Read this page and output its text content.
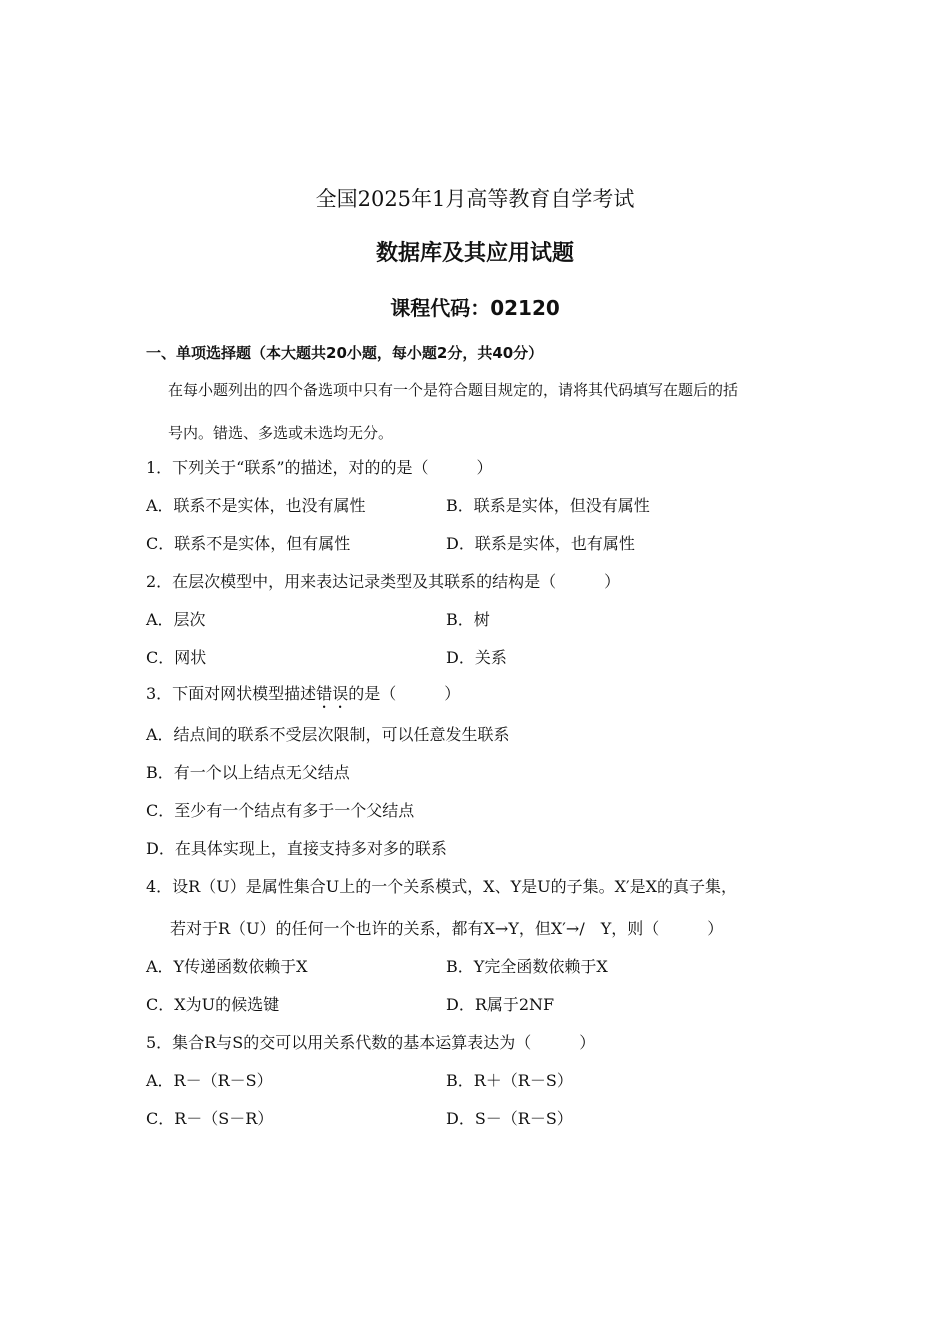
全国2025年1月高等教育自学考试
数据库及其应用试题
课程代码：02120
一、单项选择题（本大题共20小题，每小题2分，共40分）
在每小题列出的四个备选项中只有一个是符合题目规定的，请将其代码填写在题后的括
号内。错选、多选或未选均无分。
1．下列关于“联系”的描述，对的的是（　　　）
A．联系不是实体，也没有属性	B．联系是实体，但没有属性
C．联系不是实体，但有属性	D．联系是实体，也有属性
2．在层次模型中，用来表达记录类型及其联系的结构是（　　　）
A．层次	B．树
C．网状	D．关系
3．下面对网状模型描述错误的是（　　　）
A．结点间的联系不受层次限制，可以任意发生联系
B．有一个以上结点无父结点
C．至少有一个结点有多于一个父结点
D．在具体实现上，直接支持多对多的联系
4．设R（U）是属性集合U上的一个关系模式，X、Y是U的子集。X′是X的真子集，
若对于R（U）的任何一个也许的关系，都有X→Y，但X′→/　Y，则（　　　）
A．Y传递函数依赖于X	B．Y完全函数依赖于X
C．X为U的候选键	D．R属于2NF
5．集合R与S的交可以用关系代数的基本运算表达为（　　　）
A．R－（R－S）	B．R＋（R－S）
C．R－（S－R）	D．S－（R－S）
